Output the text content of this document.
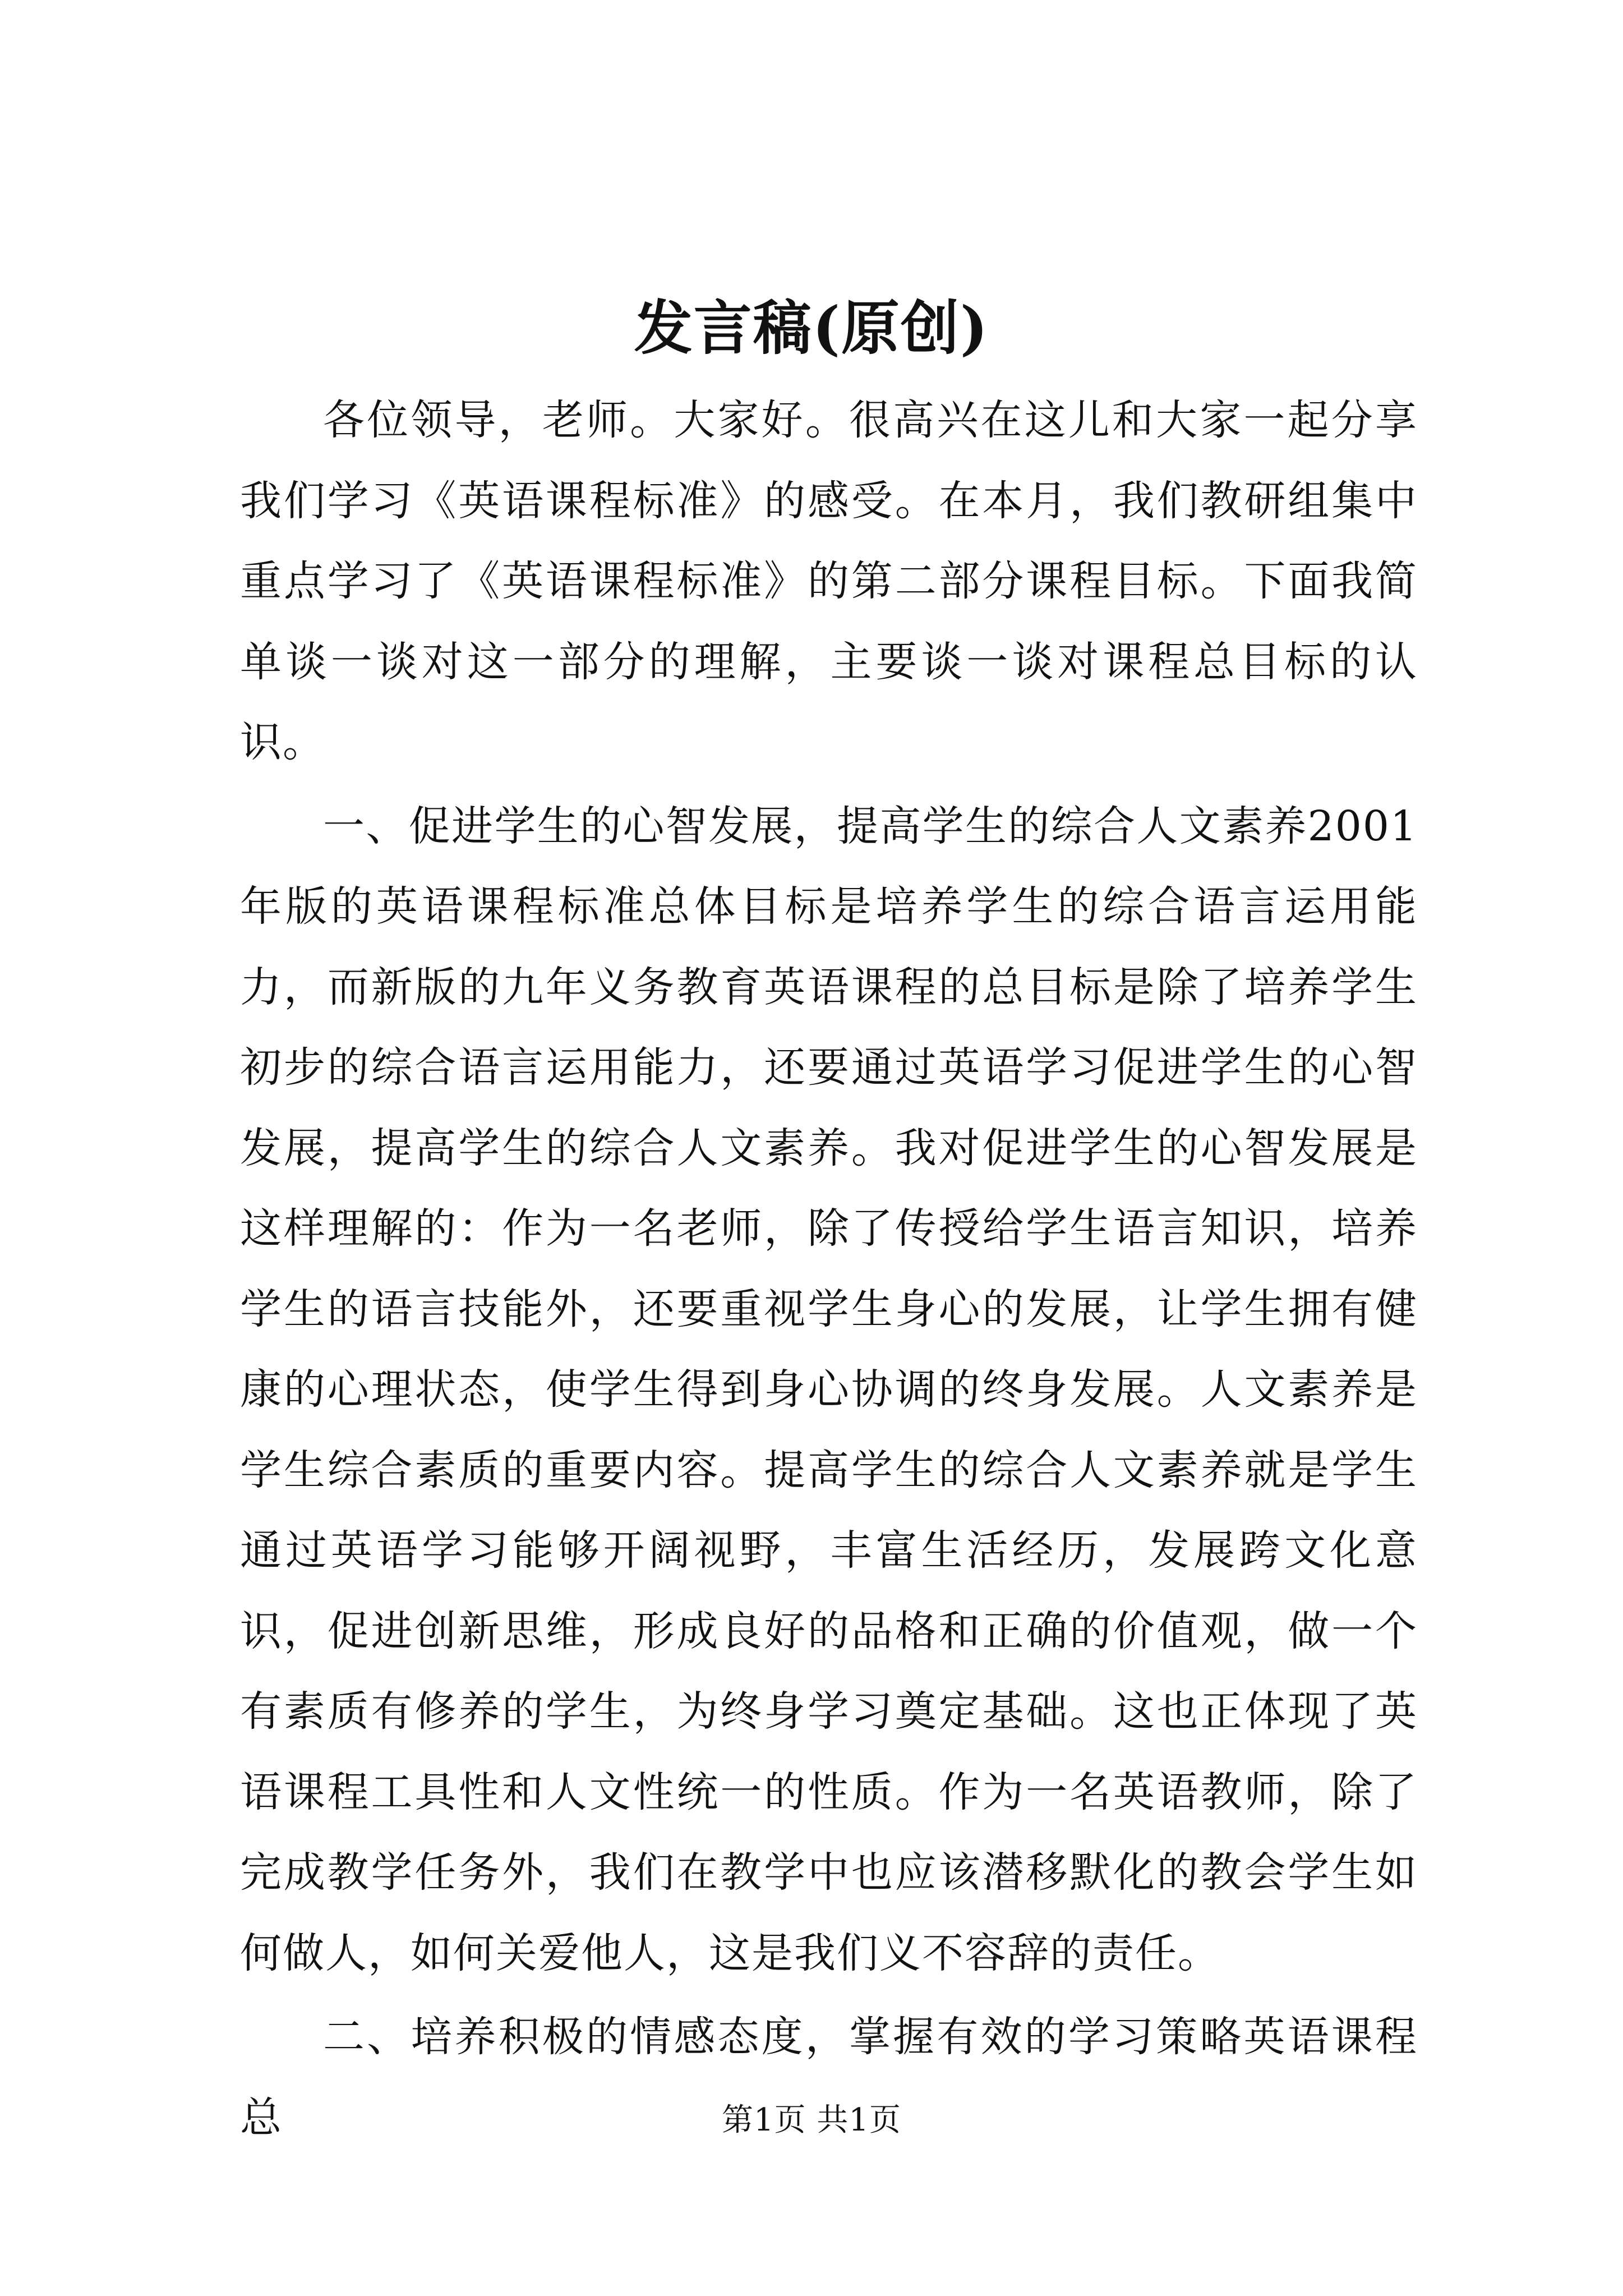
发言稿(原创)

各位领导，老师。大家好。很高兴在这儿和大家一起分享我们学习《英语课程标准》的感受。在本月，我们教研组集中重点学习了《英语课程标准》的第二部分课程目标。下面我简单谈一谈对这一部分的理解，主要谈一谈对课程总目标的认识。

一、促进学生的心智发展，提高学生的综合人文素养2001年版的英语课程标准总体目标是培养学生的综合语言运用能力，而新版的九年义务教育英语课程的总目标是除了培养学生初步的综合语言运用能力，还要通过英语学习促进学生的心智发展，提高学生的综合人文素养。我对促进学生的心智发展是这样理解的：作为一名老师，除了传授给学生语言知识，培养学生的语言技能外，还要重视学生身心的发展，让学生拥有健康的心理状态，使学生得到身心协调的终身发展。人文素养是学生综合素质的重要内容。提高学生的综合人文素养就是学生通过英语学习能够开阔视野，丰富生活经历，发展跨文化意识，促进创新思维，形成良好的品格和正确的价值观，做一个有素质有修养的学生，为终身学习奠定基础。这也正体现了英语课程工具性和人文性统一的性质。作为一名英语教师，除了完成教学任务外，我们在教学中也应该潜移默化的教会学生如何做人，如何关爱他人，这是我们义不容辞的责任。

二、培养积极的情感态度，掌握有效的学习策略英语课程总	第1页 共1页
